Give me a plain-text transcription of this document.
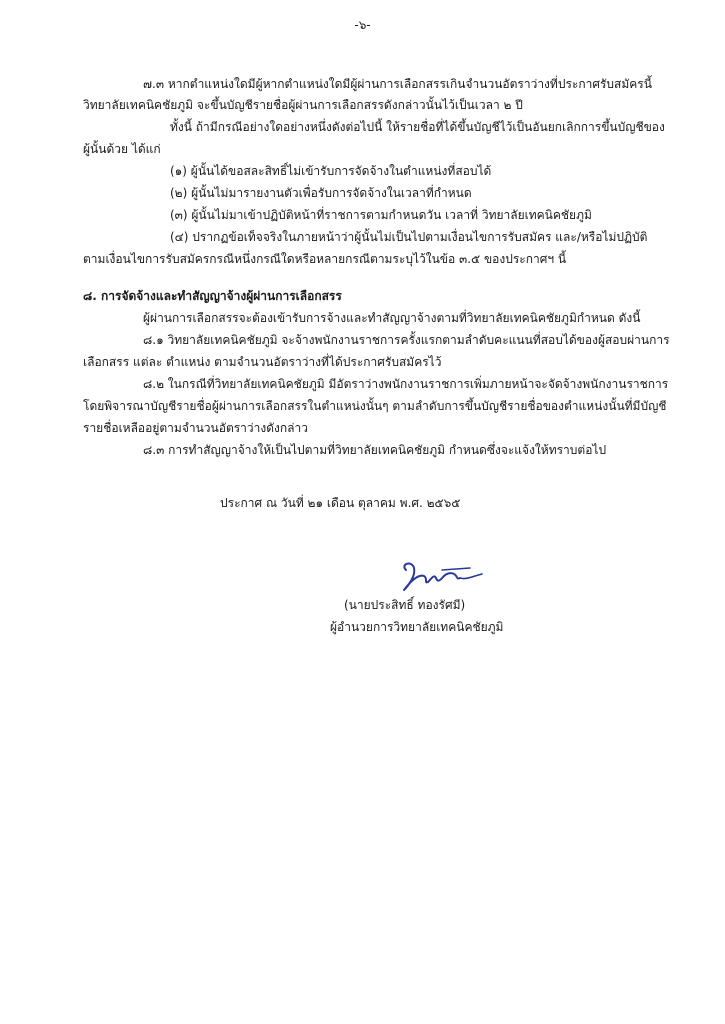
-๖-
๗.๓ หากตำแหน่งใดมีผู้หากตำแหน่งใดมีผู้ผ่านการเลือกสรรเกินจำนวนอัตราว่างที่ประกาศรับสมัครนี้
วิทยาลัยเทคนิคชัยภูมิ จะขึ้นบัญชีรายชื่อผู้ผ่านการเลือกสรรดังกล่าวนั้นไว้เป็นเวลา ๒ ปี
ทั้งนี้ ถ้ามีกรณีอย่างใดอย่างหนึ่งดังต่อไปนี้ ให้รายชื่อที่ได้ขึ้นบัญชีไว้เป็นอันยกเลิกการขึ้นบัญชีของ
ผู้นั้นด้วย ได้แก่
(๑) ผู้นั้นได้ขอสละสิทธิ์ไม่เข้ารับการจัดจ้างในตำแหน่งที่สอบได้
(๒) ผู้นั้นไม่มารายงานตัวเพื่อรับการจัดจ้างในเวลาที่กำหนด
(๓) ผู้นั้นไม่มาเข้าปฏิบัติหน้าที่ราชการตามกำหนดวัน เวลาที่ วิทยาลัยเทคนิคชัยภูมิ
(๔) ปรากฏข้อเท็จจริงในภายหน้าว่าผู้นั้นไม่เป็นไปตามเงื่อนไขการรับสมัคร และ/หรือไม่ปฏิบัติ
ตามเงื่อนไขการรับสมัครกรณีหนึ่งกรณีใดหรือหลายกรณีตามระบุไว้ในข้อ ๓.๕ ของประกาศฯ นี้
๘. การจัดจ้างและทำสัญญาจ้างผู้ผ่านการเลือกสรร
ผู้ผ่านการเลือกสรรจะต้องเข้ารับการจ้างและทำสัญญาจ้างตามที่วิทยาลัยเทคนิคชัยภูมิกำหนด ดังนี้
๘.๑ วิทยาลัยเทคนิคชัยภูมิ จะจ้างพนักงานราชการครั้งแรกตามลำดับคะแนนที่สอบได้ของผู้สอบผ่านการ
เลือกสรร แต่ละ ตำแหน่ง ตามจำนวนอัตราว่างที่ได้ประกาศรับสมัครไว้
๘.๒ ในกรณีที่วิทยาลัยเทคนิคชัยภูมิ มีอัตราว่างพนักงานราชการเพิ่มภายหน้าจะจัดจ้างพนักงานราชการ
โดยพิจารณาบัญชีรายชื่อผู้ผ่านการเลือกสรรในตำแหน่งนั้นๆ ตามลำดับการขึ้นบัญชีรายชื่อของตำแหน่งนั้นที่มีบัญชี
รายชื่อเหลืออยู่ตามจำนวนอัตราว่างดังกล่าว
๘.๓ การทำสัญญาจ้างให้เป็นไปตามที่วิทยาลัยเทคนิคชัยภูมิ กำหนดซึ่งจะแจ้งให้ทราบต่อไป
ประกาศ ณ วันที่ ๒๑ เดือน ตุลาคม พ.ศ. ๒๕๖๕
(นายประสิทธิ์ ทองรัศมี)
ผู้อำนวยการวิทยาลัยเทคนิคชัยภูมิ
